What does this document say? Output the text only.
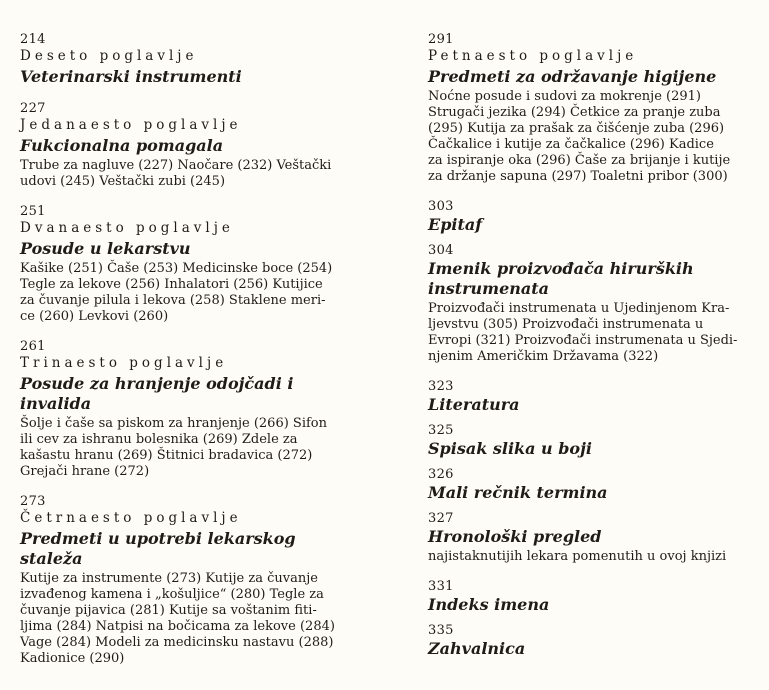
214
Deseto poglavlje
Veterinarski instrumenti
227
Jedanaesto poglavlje
Fukcionalna pomagala

Trube za nagluve (227) Naočare (232) Veštački
udovi (245) Veštački zubi (245)

251
Dvanaesto poglavlje
Posude u lekarstvu

Kašike (251) Čaše (253) Medicinske boce (254)
Tegle za lekove (256) Inhalatori (256) Kutijice
za čuvanje pilula i lekova (258) Staklene meri-
ce (260) Levkovi (260)

261
Trinaesto poglavlje
Posude za hranjenje odojčadi i invalida

Šolje i čaše sa piskom za hranjenje (266) Sifon
ili cev za ishranu bolesnika (269) Zdele za
kašastu hranu (269) Štitnici bradavica (272)
Grejači hrane (272)

273
Četrnaesto poglavlje
Predmeti u upotrebi lekarskog staleža

Kutije za instrumente (273) Kutije za čuvanje
izvađenog kamena i „košuljice“ (280) Tegle za
čuvanje pijavica (281) Kutije sa voštanim fiti-
ljima (284) Natpisi na bočicama za lekove (284)
Vage (284) Modeli za medicinsku nastavu (288)
Kadionice (290)

291
Petnaesto poglavlje
Predmeti za održavanje higijene

Noćne posude i sudovi za mokrenje (291)
Strugači jezika (294) Četkice za pranje zuba
(295) Kutija za prašak za čišćenje zuba (296)
Čačkalice i kutije za čačkalice (296) Kadice
za ispiranje oka (296) Čaše za brijanje i kutije
za držanje sapuna (297) Toaletni pribor (300)

303
Epitaf
304
Imenik proizvođača hirurških instrumenata

Proizvođači instrumenata u Ujedinjenom Kra-
ljevstvu (305) Proizvođači instrumenata u
Evropi (321) Proizvođači instrumenata u Sjedi-
njenim Američkim Državama (322)

323
Literatura
325
Spisak slika u boji
326
Mali rečnik termina
327
Hronološki pregled

najistaknutijih lekara pomenutih u ovoj knjizi

331
Indeks imena
335
Zahvalnica
